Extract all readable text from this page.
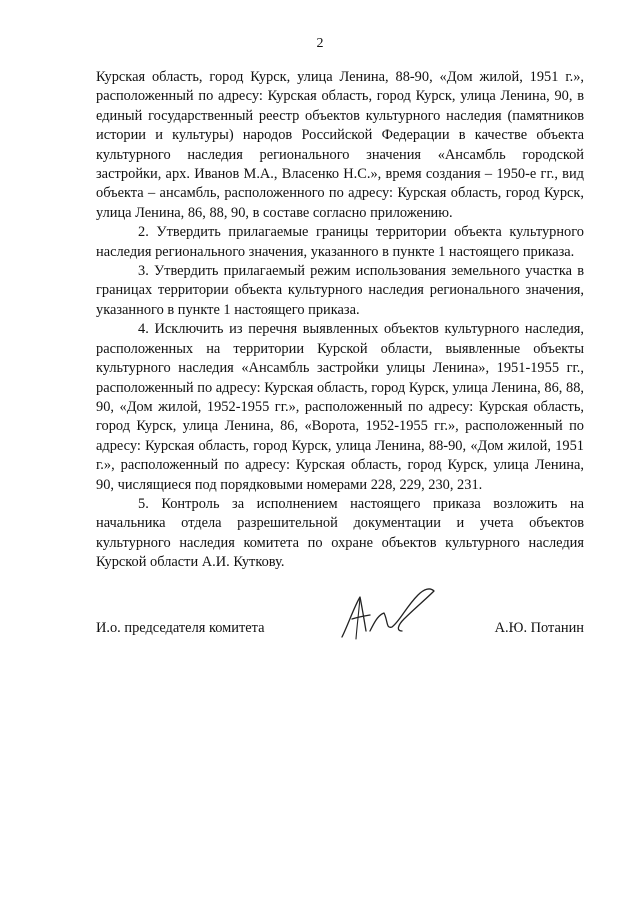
2

Курская область, город Курск, улица Ленина, 88-90, «Дом жилой, 1951 г.», расположенный по адресу: Курская область, город Курск, улица Ленина, 90, в единый государственный реестр объектов культурного наследия (памятников истории и культуры) народов Российской Федерации в качестве объекта культурного наследия регионального значения «Ансамбль городской застройки, арх. Иванов М.А., Власенко Н.С.», время создания – 1950-е гг., вид объекта – ансамбль, расположенного по адресу: Курская область, город Курск, улица Ленина, 86, 88, 90, в составе согласно приложению.

2. Утвердить прилагаемые границы территории объекта культурного наследия регионального значения, указанного в пункте 1 настоящего приказа.

3. Утвердить прилагаемый режим использования земельного участка в границах территории объекта культурного наследия регионального значения, указанного в пункте 1 настоящего приказа.

4. Исключить из перечня выявленных объектов культурного наследия, расположенных на территории Курской области, выявленные объекты культурного наследия «Ансамбль застройки улицы Ленина», 1951-1955 гг., расположенный по адресу: Курская область, город Курск, улица Ленина, 86, 88, 90, «Дом жилой, 1952-1955 гг.», расположенный по адресу: Курская область, город Курск, улица Ленина, 86, «Ворота, 1952-1955 гг.», расположенный по адресу: Курская область, город Курск, улица Ленина, 88-90, «Дом жилой, 1951 г.», расположенный по адресу: Курская область, город Курск, улица Ленина, 90, числящиеся под порядковыми номерами 228, 229, 230, 231.

5. Контроль за исполнением настоящего приказа возложить на начальника отдела разрешительной документации и учета объектов культурного наследия комитета по охране объектов культурного наследия Курской области А.И. Куткову.

И.о. председателя комитета	А.Ю. Потанин
